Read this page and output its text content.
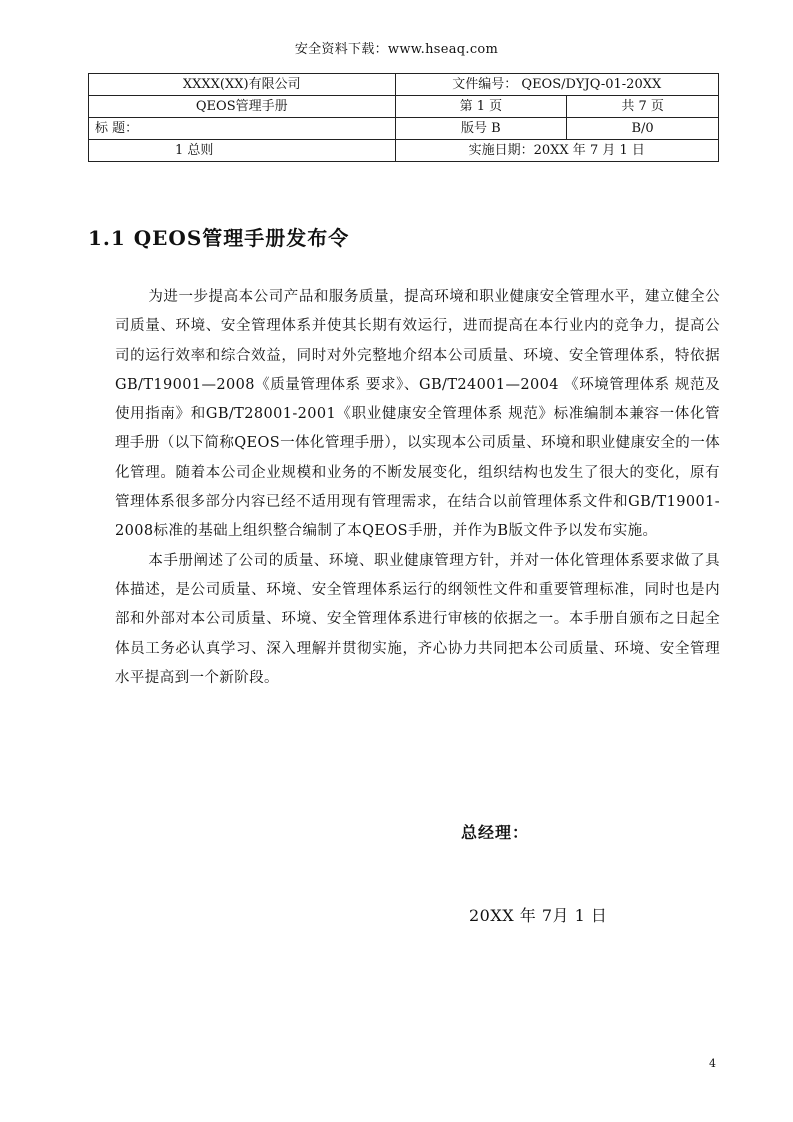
安全资料下载：www.hseaq.com
XXXX(XX)有限公司	文件编号： QEOS/DYJQ-01-20XX	
QEOS管理手册	第 1 页	共 7 页
标 题：	版号 B	B/0
1 总则	实施日期：20XX 年 7 月 1 日	
1.1 QEOS管理手册发布令

为进一步提高本公司产品和服务质量，提高环境和职业健康安全管理水平，建立健全公司质量、环境、安全管理体系并使其长期有效运行，进而提高在本行业内的竞争力，提高公司的运行效率和综合效益，同时对外完整地介绍本公司质量、环境、安全管理体系，特依据GB/T19001—2008《质量管理体系 要求》、GB/T24001—2004 《环境管理体系 规范及使用指南》和GB/T28001-2001《职业健康安全管理体系 规范》标准编制本兼容一体化管理手册（以下简称QEOS一体化管理手册），以实现本公司质量、环境和职业健康安全的一体化管理。随着本公司企业规模和业务的不断发展变化，组织结构也发生了很大的变化，原有管理体系很多部分内容已经不适用现有管理需求，在结合以前管理体系文件和GB/T19001-2008标准的基础上组织整合编制了本QEOS手册，并作为B版文件予以发布实施。

本手册阐述了公司的质量、环境、职业健康管理方针，并对一体化管理体系要求做了具体描述，是公司质量、环境、安全管理体系运行的纲领性文件和重要管理标准，同时也是内部和外部对本公司质量、环境、安全管理体系进行审核的依据之一。本手册自颁布之日起全体员工务必认真学习、深入理解并贯彻实施，齐心协力共同把本公司质量、环境、安全管理水平提高到一个新阶段。

总经理：
20XX 年 7月 1 日
4
